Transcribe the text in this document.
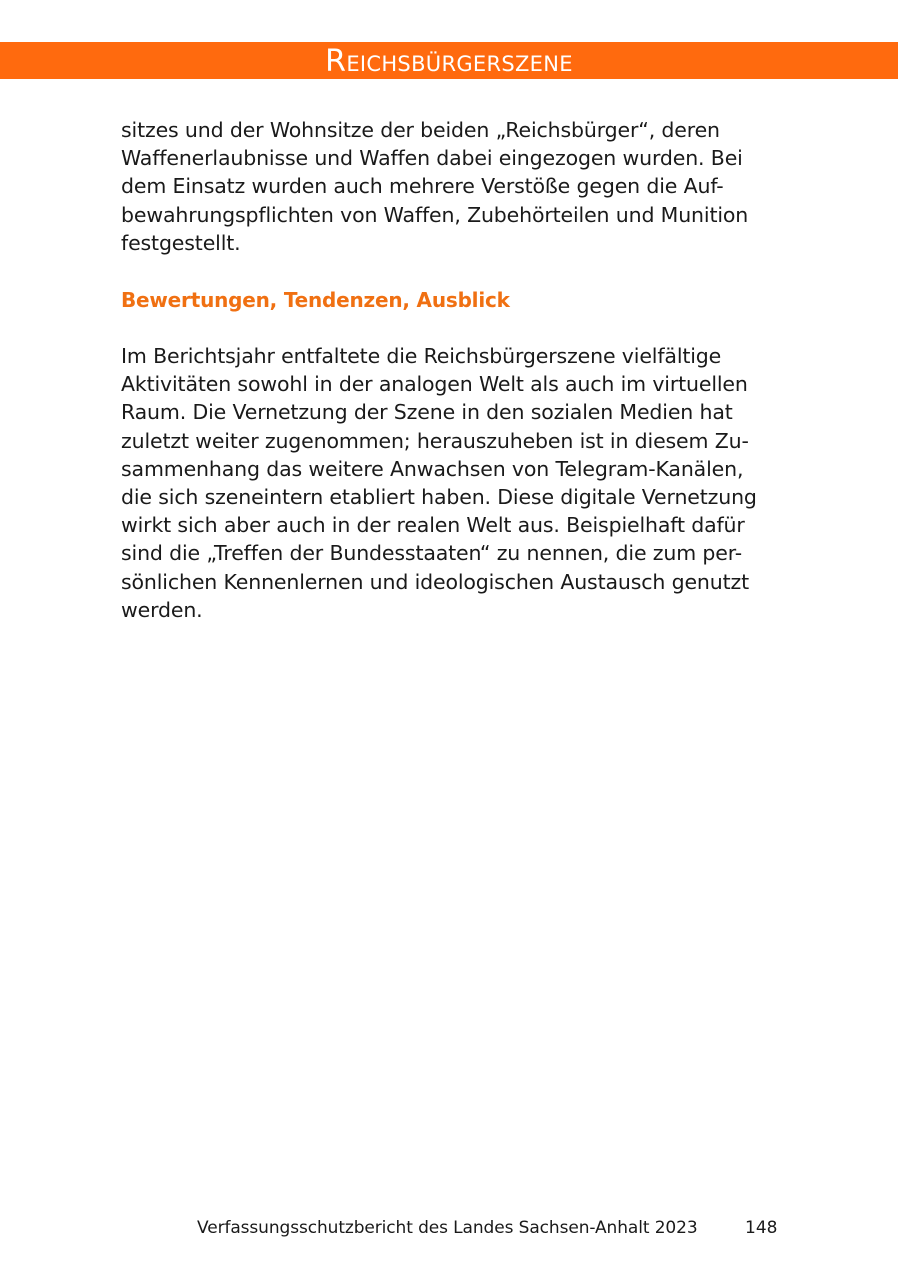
Reichsbürgerszene

sitzes und der Wohnsitze der beiden „Reichsbürger“, deren
Waffenerlaubnisse und Waffen dabei eingezogen wurden. Bei
dem Einsatz wurden auch mehrere Verstöße gegen die Auf-
bewahrungspflichten von Waffen, Zubehörteilen und Munition
festgestellt.

Bewertungen, Tendenzen, Ausblick

Im Berichtsjahr entfaltete die Reichsbürgerszene vielfältige
Aktivitäten sowohl in der analogen Welt als auch im virtuellen
Raum. Die Vernetzung der Szene in den sozialen Medien hat
zuletzt weiter zugenommen; herauszuheben ist in diesem Zu-
sammenhang das weitere Anwachsen von Telegram-Kanälen,
die sich szeneintern etabliert haben. Diese digitale Vernetzung
wirkt sich aber auch in der realen Welt aus. Beispielhaft dafür
sind die „Treffen der Bundesstaaten“ zu nennen, die zum per-
sönlichen Kennenlernen und ideologischen Austausch genutzt
werden.

Verfassungsschutzbericht des Landes Sachsen-Anhalt 2023	148
